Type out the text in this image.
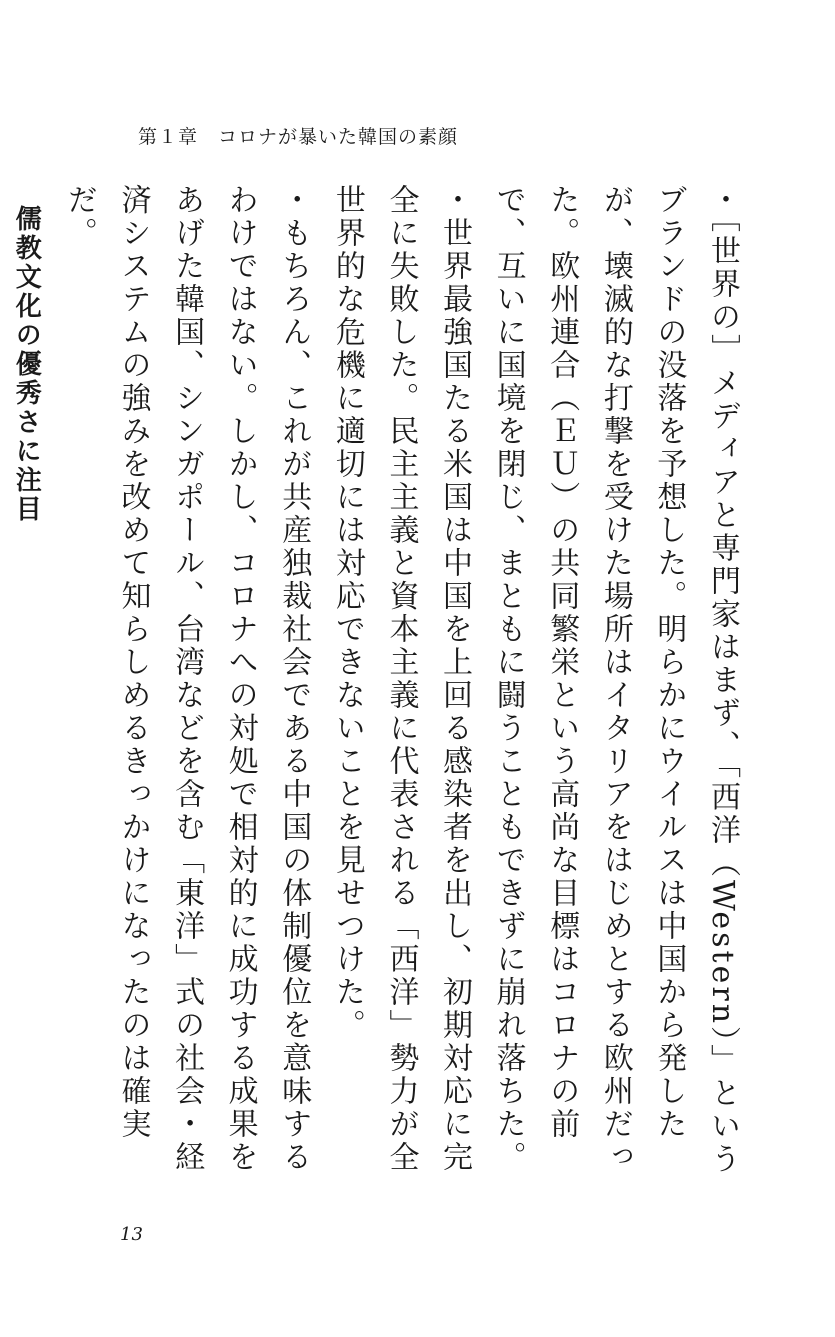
第１章　コロナが暴いた韓国の素顔

・［世界の］メディアと専門家はまず、「西洋（Western）」というブランドの没落を予想した。明らかにウイルスは中国から発したが、壊滅的な打撃を受けた場所はイタリアをはじめとする欧州だった。欧州連合（ＥＵ）の共同繁栄という高尚な目標はコロナの前で、互いに国境を閉じ、まともに闘うこともできずに崩れ落ちた。

・世界最強国たる米国は中国を上回る感染者を出し、初期対応に完全に失敗した。民主主義と資本主義に代表される「西洋」勢力が全世界的な危機に適切には対応できないことを見せつけた。

・もちろん、これが共産独裁社会である中国の体制優位を意味するわけではない。しかし、コロナへの対処で相対的に成功する成果をあげた韓国、シンガポール、台湾などを含む「東洋」式の社会・経済システムの強みを改めて知らしめるきっかけになったのは確実だ。

儒教文化の優秀さに注目

13
